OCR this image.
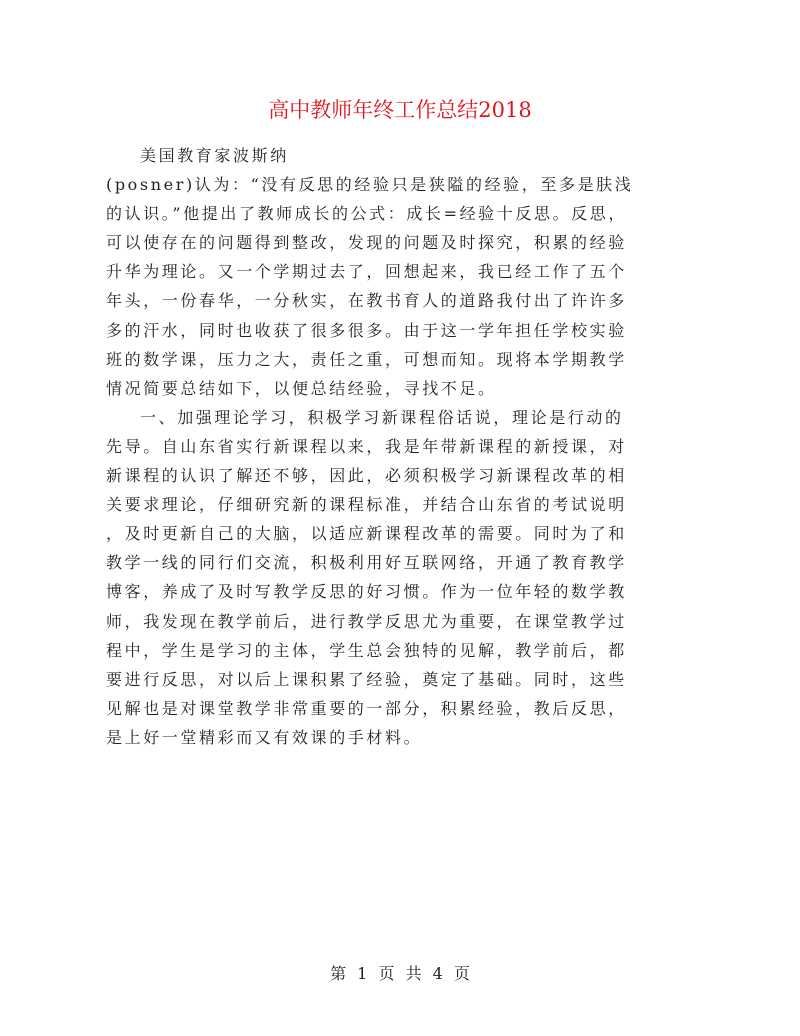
高中教师年终工作总结2018
美国教育家波斯纳
(posner)认为：“没有反思的经验只是狭隘的经验，至多是肤浅
的认识。”他提出了教师成长的公式：成长=经验十反思。反思，
可以使存在的问题得到整改，发现的问题及时探究，积累的经验
升华为理论。又一个学期过去了，回想起来，我已经工作了五个
年头，一份春华，一分秋实，在教书育人的道路我付出了许许多
多的汗水，同时也收获了很多很多。由于这一学年担任学校实验
班的数学课，压力之大，责任之重，可想而知。现将本学期教学
情况简要总结如下，以便总结经验，寻找不足。
一、加强理论学习，积极学习新课程俗话说，理论是行动的
先导。自山东省实行新课程以来，我是年带新课程的新授课，对
新课程的认识了解还不够，因此，必须积极学习新课程改革的相
关要求理论，仔细研究新的课程标准，并结合山东省的考试说明
，及时更新自己的大脑，以适应新课程改革的需要。同时为了和
教学一线的同行们交流，积极利用好互联网络，开通了教育教学
博客，养成了及时写教学反思的好习惯。作为一位年轻的数学教
师，我发现在教学前后，进行教学反思尤为重要，在课堂教学过
程中，学生是学习的主体，学生总会独特的见解，教学前后，都
要进行反思，对以后上课积累了经验，奠定了基础。同时，这些
见解也是对课堂教学非常重要的一部分，积累经验，教后反思，
是上好一堂精彩而又有效课的手材料。
第 1 页 共 4 页
